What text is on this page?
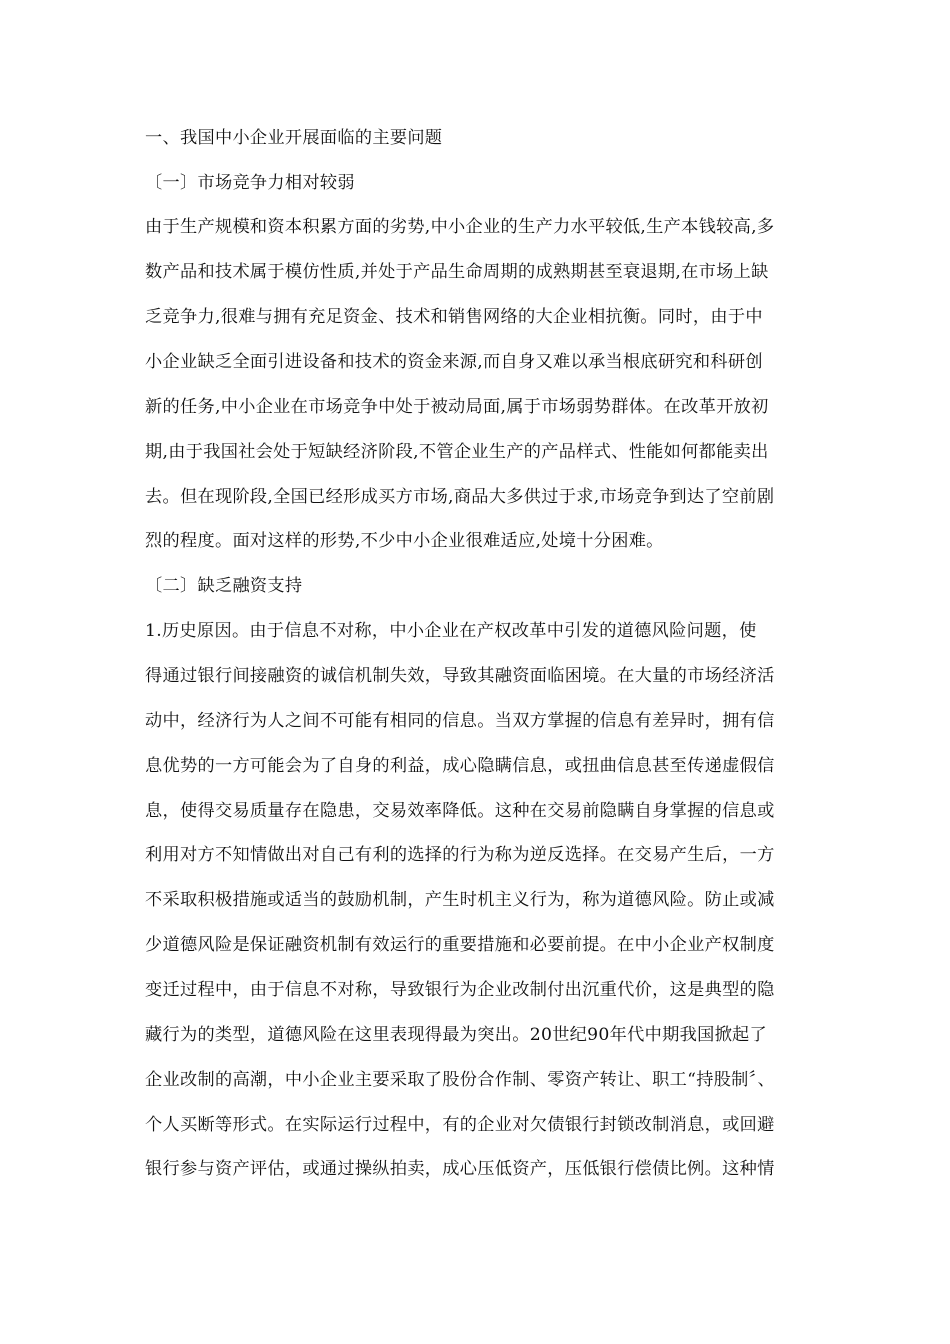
一、我国中小企业开展面临的主要问题
〔一〕市场竞争力相对较弱
由于生产规模和资本积累方面的劣势,中小企业的生产力水平较低,生产本钱较高,多
数产品和技术属于模仿性质,并处于产品生命周期的成熟期甚至衰退期,在市场上缺
乏竞争力,很难与拥有充足资金、技术和销售网络的大企业相抗衡。同时，由于中
小企业缺乏全面引进设备和技术的资金来源,而自身又难以承当根底研究和科研创
新的任务,中小企业在市场竞争中处于被动局面,属于市场弱势群体。在改革开放初
期,由于我国社会处于短缺经济阶段,不管企业生产的产品样式、性能如何都能卖出
去。但在现阶段,全国已经形成买方市场,商品大多供过于求,市场竞争到达了空前剧
烈的程度。面对这样的形势,不少中小企业很难适应,处境十分困难。
〔二〕缺乏融资支持
1.历史原因。由于信息不对称，中小企业在产权改革中引发的道德风险问题，使
得通过银行间接融资的诚信机制失效，导致其融资面临困境。在大量的市场经济活
动中，经济行为人之间不可能有相同的信息。当双方掌握的信息有差异时，拥有信
息优势的一方可能会为了自身的利益，成心隐瞒信息，或扭曲信息甚至传递虚假信
息，使得交易质量存在隐患，交易效率降低。这种在交易前隐瞒自身掌握的信息或
利用对方不知情做出对自己有利的选择的行为称为逆反选择。在交易产生后，一方
不采取积极措施或适当的鼓励机制，产生时机主义行为，称为道德风险。防止或减
少道德风险是保证融资机制有效运行的重要措施和必要前提。在中小企业产权制度
变迁过程中，由于信息不对称，导致银行为企业改制付出沉重代价，这是典型的隐
藏行为的类型，道德风险在这里表现得最为突出。20世纪90年代中期我国掀起了
企业改制的高潮，中小企业主要采取了股份合作制、零资产转让、职工“持股制〞、
个人买断等形式。在实际运行过程中，有的企业对欠债银行封锁改制消息，或回避
银行参与资产评估，或通过操纵拍卖，成心压低资产，压低银行偿债比例。这种情
